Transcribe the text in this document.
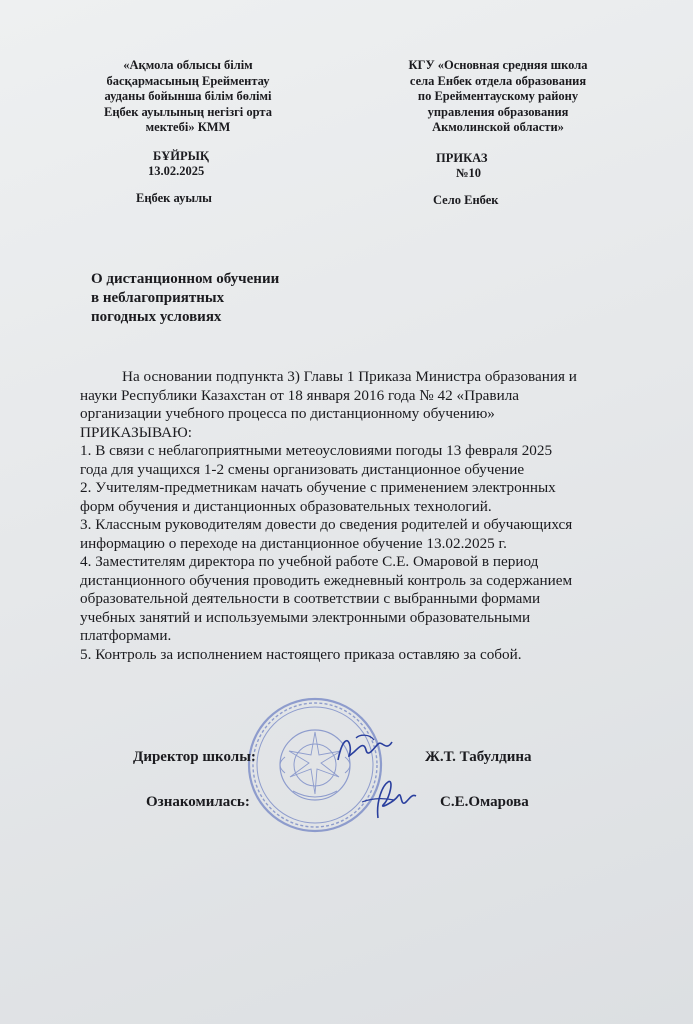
«Ақмола облысы білім
басқармасының Ерейментау
ауданы бойынша білім бөлімі
Еңбек ауылының негізгі орта
мектебі» КММ
БҰЙРЫҚ
13.02.2025
Еңбек ауылы
КГУ «Основная средняя школа
села Енбек отдела образования
по Ерейментаускому району
управления образования
Акмолинской области»
ПРИКАЗ
№10
Село Енбек
О дистанционном обучении
в неблагоприятных
погодных условиях

На основании подпункта 3) Главы 1 Приказа Министра образования и

науки Республики Казахстан от 18 января 2016 года № 42 «Правила

организации учебного процесса по дистанционному обучению»

ПРИКАЗЫВАЮ:

1. В связи с неблагоприятными метеоусловиями погоды 13 февраля 2025

года для учащихся 1-2 смены организовать дистанционное обучение

2. Учителям-предметникам начать обучение с применением электронных

форм обучения и дистанционных образовательных технологий.

3. Классным руководителям довести до сведения родителей и обучающихся

информацию о переходе на дистанционное обучение 13.02.2025 г.

4. Заместителям директора по учебной работе С.Е. Омаровой в период

дистанционного обучения проводить ежедневный контроль за содержанием

образовательной деятельности в соответствии с выбранными формами

учебных занятий и используемыми электронными образовательными

платформами.

5. Контроль за исполнением настоящего приказа оставляю за собой.

Директор школы:	Ж.Т. Табулдина
Ознакомилась:	С.Е.Омарова
